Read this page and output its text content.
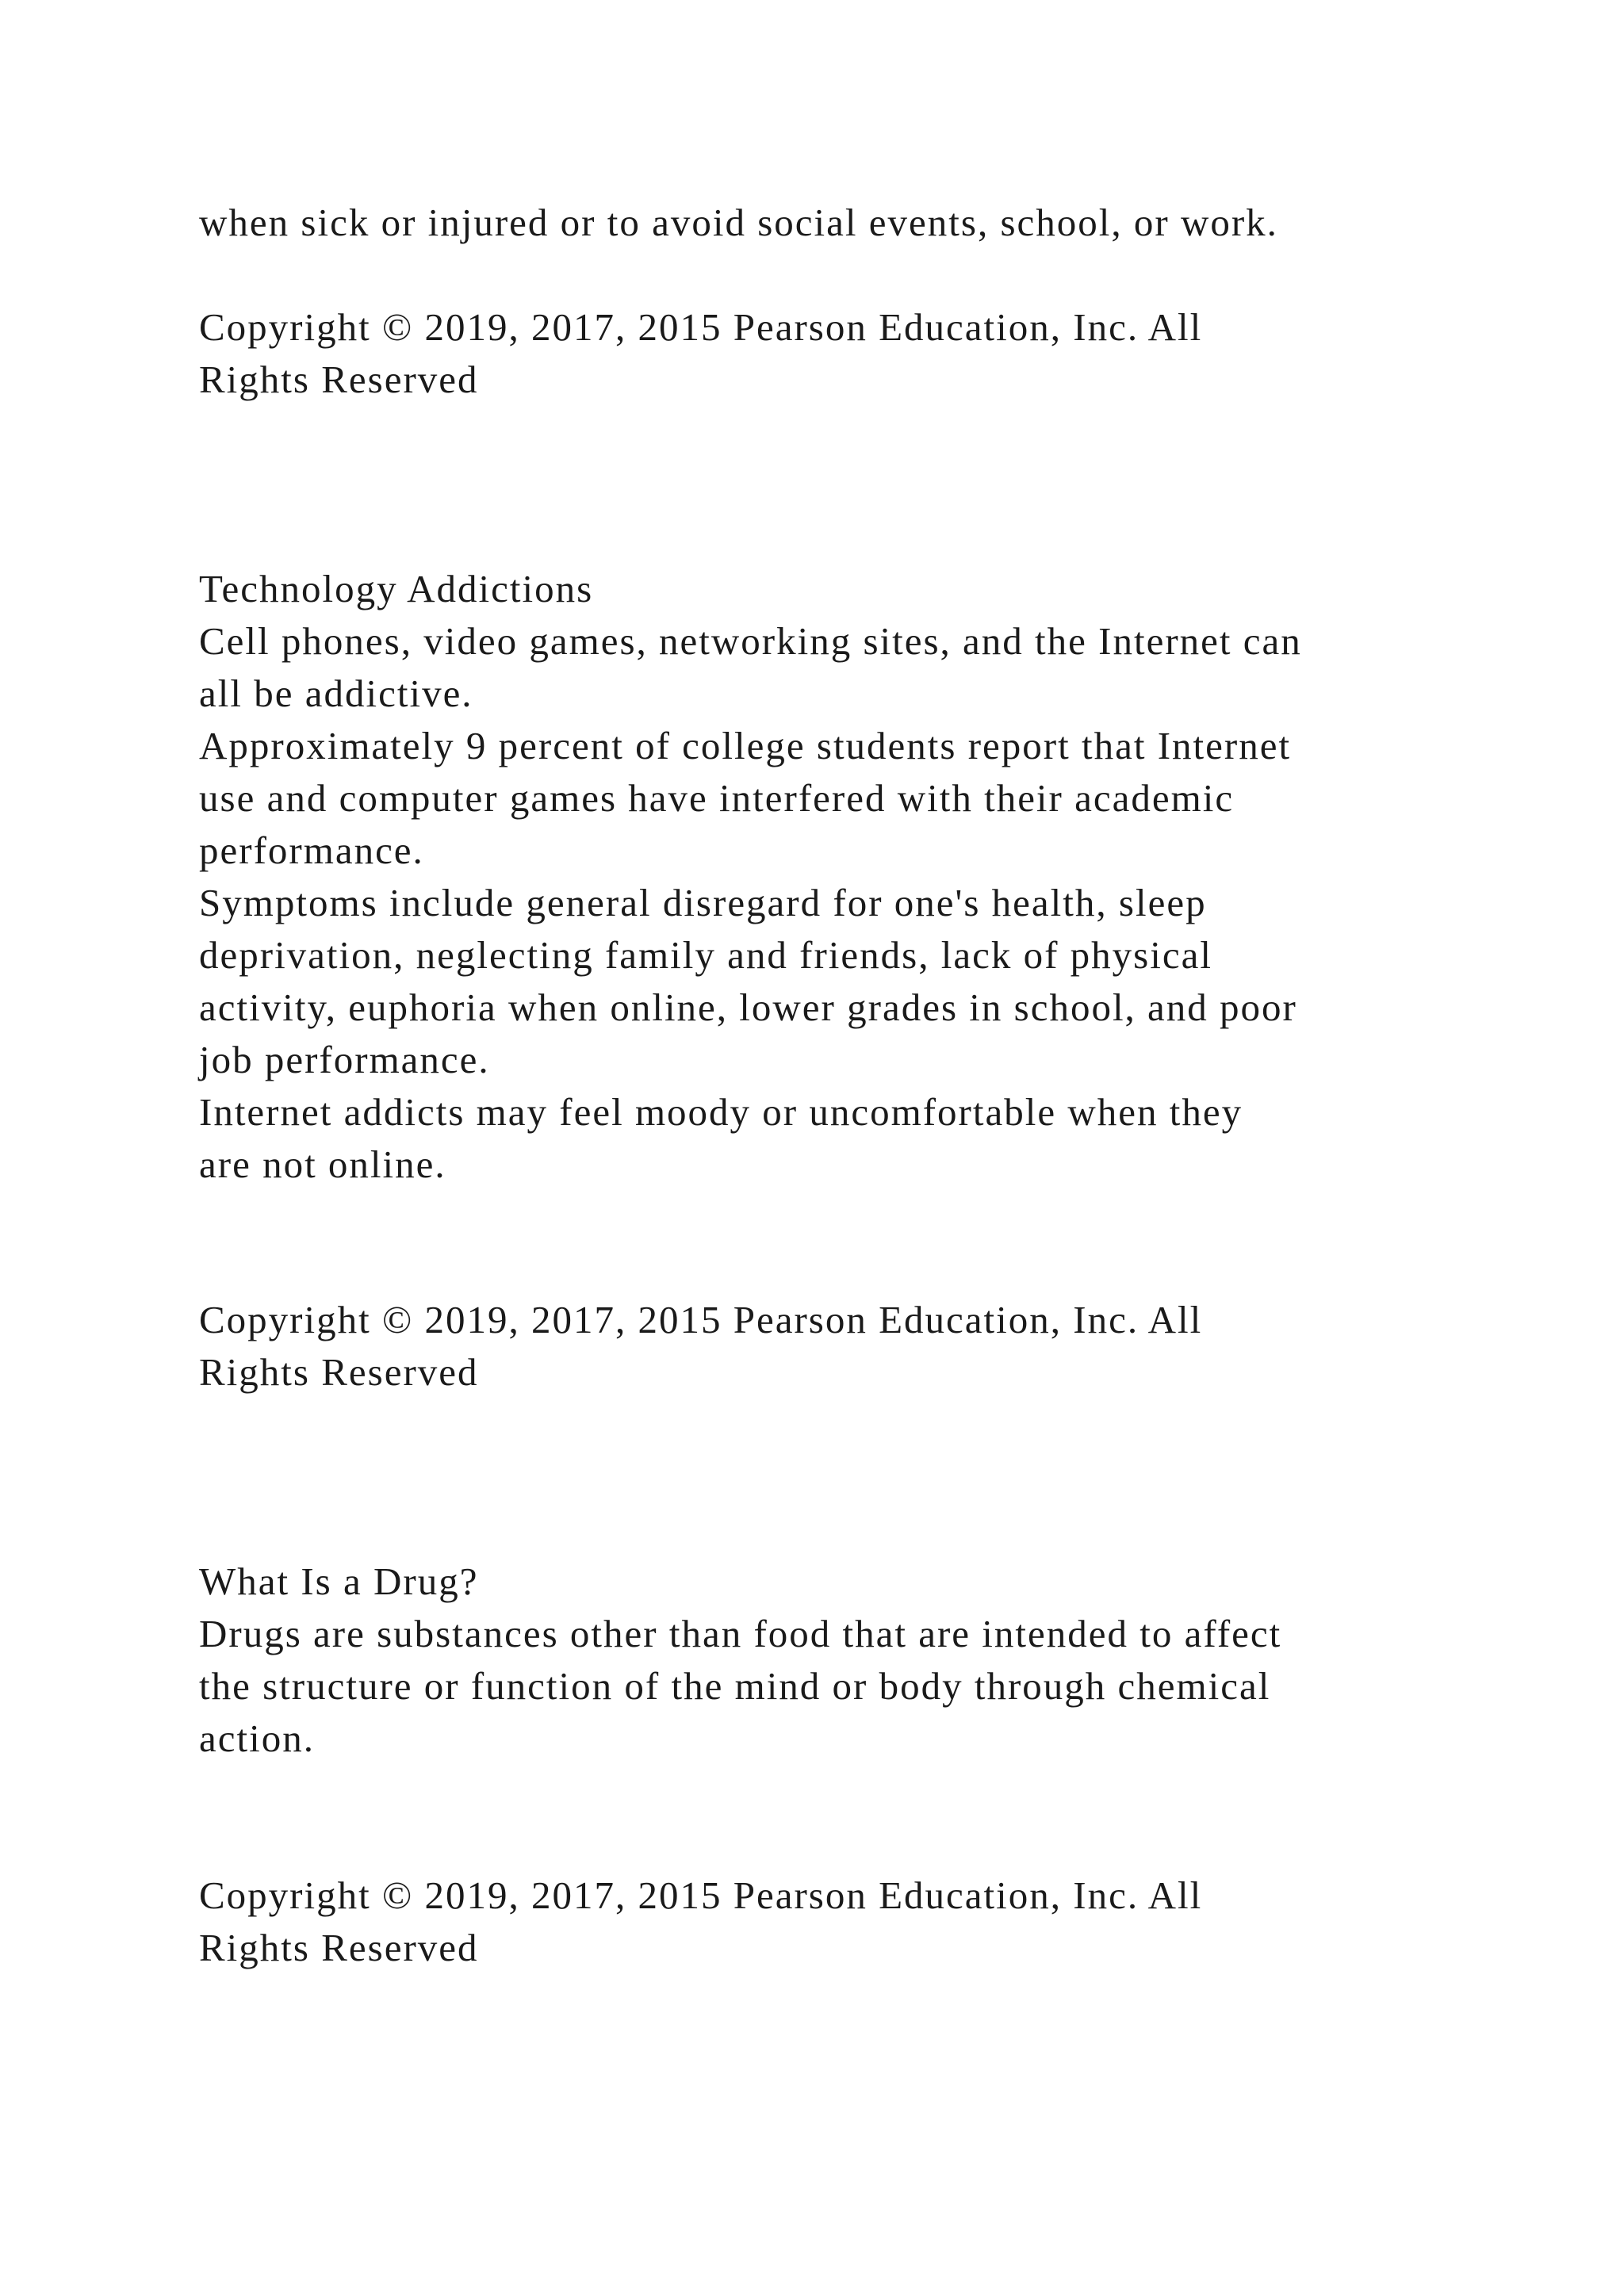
when sick or injured or to avoid social events, school, or work.

Copyright © 2019, 2017, 2015 Pearson Education, Inc. All

Rights Reserved

Technology Addictions

Cell phones, video games, networking sites, and the Internet can

all be addictive.

Approximately 9 percent of college students report that Internet

use and computer games have interfered with their academic

performance.

Symptoms include general disregard for one's health, sleep

deprivation, neglecting family and friends, lack of physical

activity, euphoria when online, lower grades in school, and poor

job performance.

Internet addicts may feel moody or uncomfortable when they

are not online.

Copyright © 2019, 2017, 2015 Pearson Education, Inc. All

Rights Reserved

What Is a Drug?

Drugs are substances other than food that are intended to affect

the structure or function of the mind or body through chemical

action.

Copyright © 2019, 2017, 2015 Pearson Education, Inc. All

Rights Reserved
